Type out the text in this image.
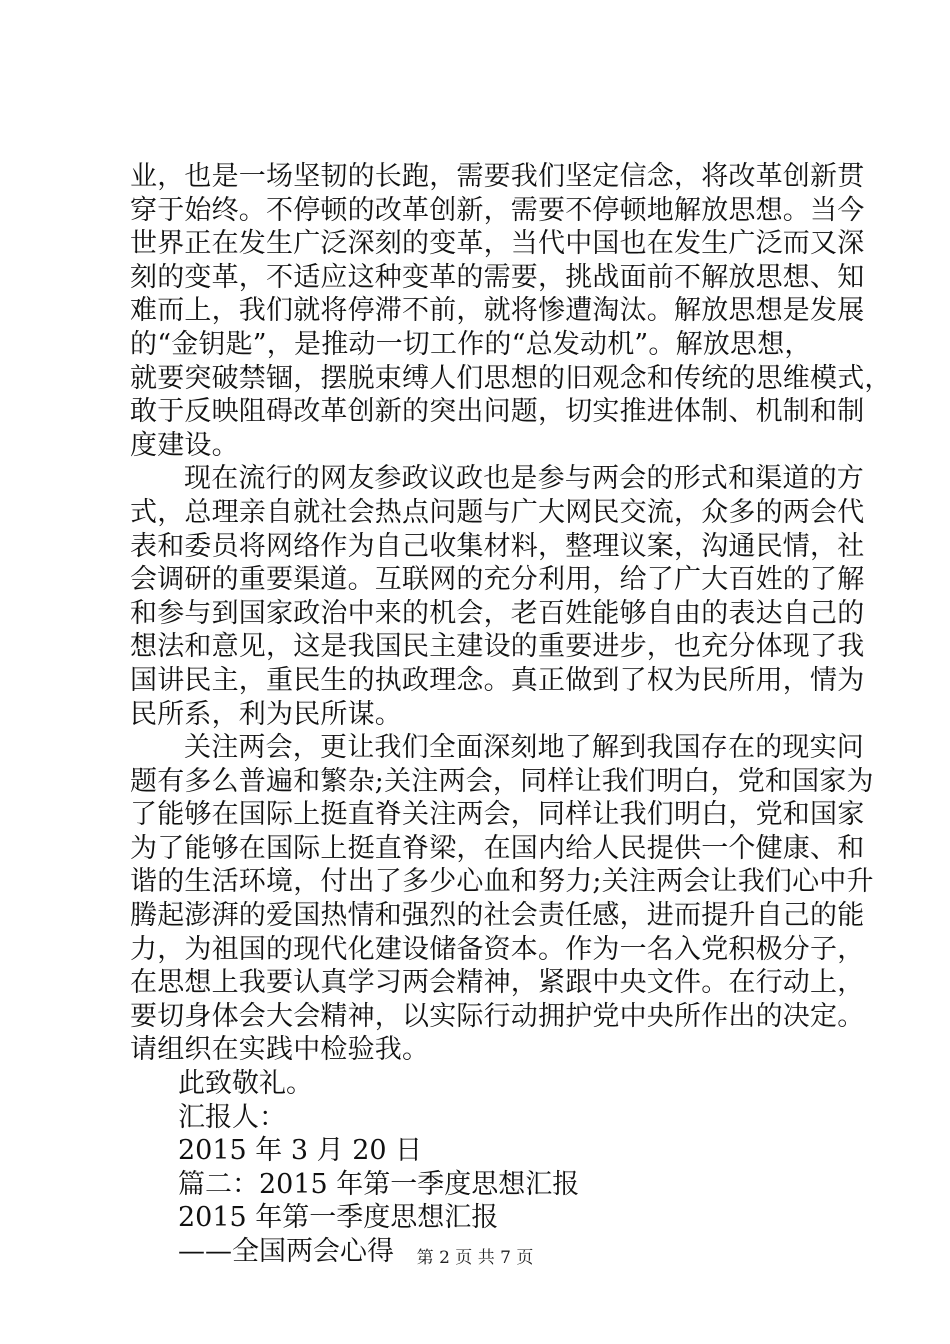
业，也是一场坚韧的长跑，需要我们坚定信念，将改革创新贯
穿于始终。不停顿的改革创新，需要不停顿地解放思想。当今
世界正在发生广泛深刻的变革，当代中国也在发生广泛而又深
刻的变革，不适应这种变革的需要，挑战面前不解放思想、知
难而上，我们就将停滞不前，就将惨遭淘汰。解放思想是发展
的“金钥匙”，是推动一切工作的“总发动机”。解放思想，
就要突破禁锢，摆脱束缚人们思想的旧观念和传统的思维模式，
敢于反映阻碍改革创新的突出问题，切实推进体制、机制和制
度建设。
现在流行的网友参政议政也是参与两会的形式和渠道的方
式，总理亲自就社会热点问题与广大网民交流，众多的两会代
表和委员将网络作为自己收集材料，整理议案，沟通民情，社
会调研的重要渠道。互联网的充分利用，给了广大百姓的了解
和参与到国家政治中来的机会，老百姓能够自由的表达自己的
想法和意见，这是我国民主建设的重要进步，也充分体现了我
国讲民主，重民生的执政理念。真正做到了权为民所用，情为
民所系，利为民所谋。
关注两会，更让我们全面深刻地了解到我国存在的现实问
题有多么普遍和繁杂;关注两会，同样让我们明白，党和国家为
了能够在国际上挺直脊关注两会，同样让我们明白，党和国家
为了能够在国际上挺直脊梁，在国内给人民提供一个健康、和
谐的生活环境，付出了多少心血和努力;关注两会让我们心中升
腾起澎湃的爱国热情和强烈的社会责任感，进而提升自己的能
力，为祖国的现代化建设储备资本。作为一名入党积极分子，
在思想上我要认真学习两会精神，紧跟中央文件。在行动上，
要切身体会大会精神，以实际行动拥护党中央所作出的决定。
请组织在实践中检验我。
此致敬礼。
汇报人：
2015 年 3 月 20 日
篇二：2015 年第一季度思想汇报
2015 年第一季度思想汇报
——全国两会心得	第 2 页 共 7 页
